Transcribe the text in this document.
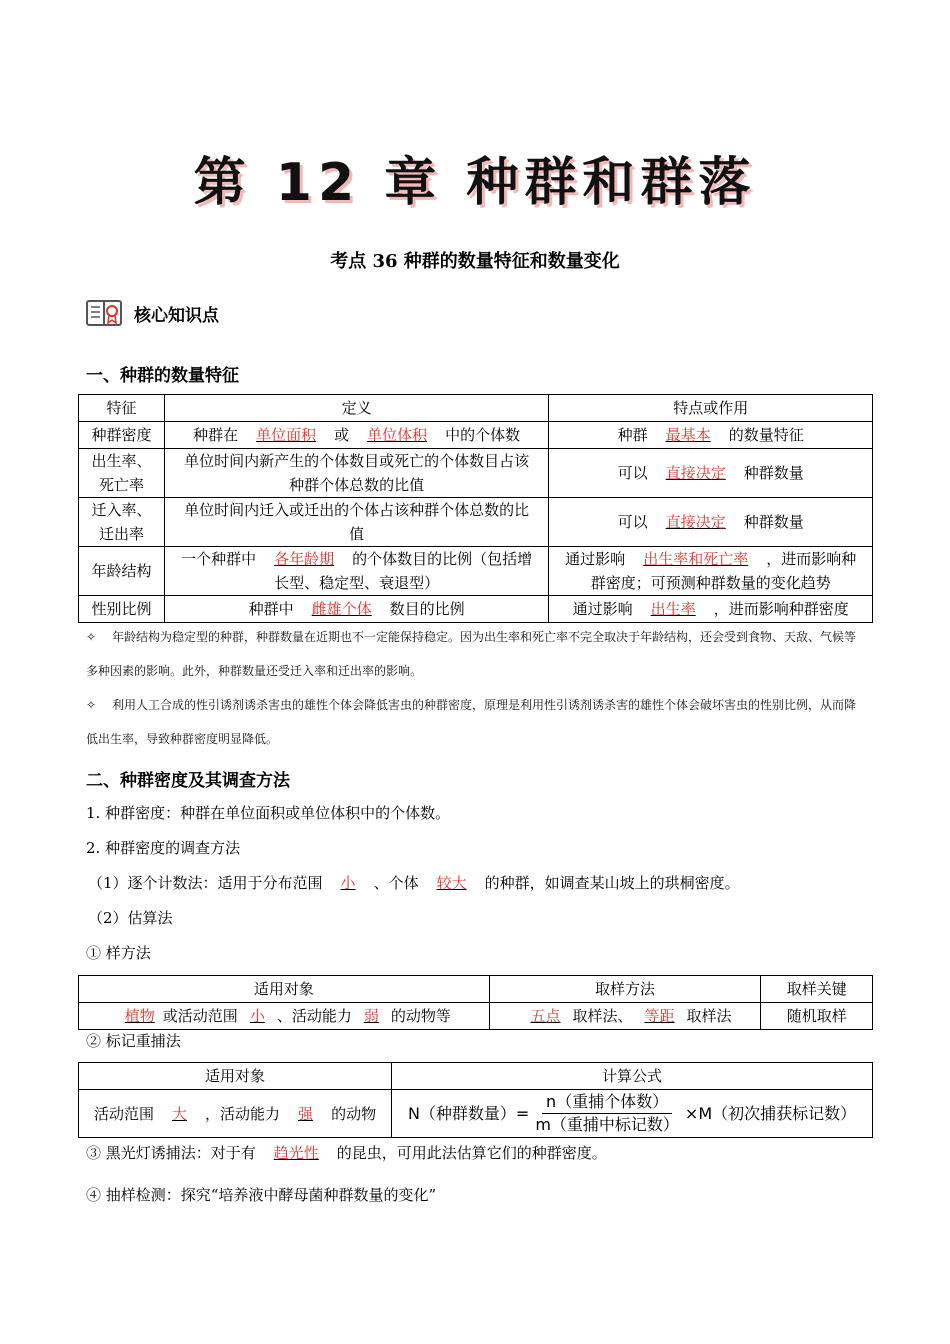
第 12 章 种群和群落
考点 36 种群的数量特征和数量变化
核心知识点
一、种群的数量特征
特征	定义	特点或作用
种群密度	种群在 单位面积 或 单位体积 中的个体数	种群 最基本 的数量特征
出生率、死亡率	单位时间内新产生的个体数目或死亡的个体数目占该种群个体总数的比值	可以 直接决定 种群数量
迁入率、迁出率	单位时间内迁入或迁出的个体占该种群个体总数的比值	可以 直接决定 种群数量
年龄结构	一个种群中 各年龄期 的个体数目的比例（包括增长型、稳定型、衰退型）	通过影响 出生率和死亡率 ，进而影响种群密度；可预测种群数量的变化趋势
性别比例	种群中 雌雄个体 数目的比例	通过影响 出生率 ，进而影响种群密度
✧ 年龄结构为稳定型的种群，种群数量在近期也不一定能保持稳定。因为出生率和死亡率不完全取决于年龄结构，还会受到食物、天敌、气候等多种因素的影响。此外，种群数量还受迁入率和迁出率的影响。
✧ 利用人工合成的性引诱剂诱杀害虫的雄性个体会降低害虫的种群密度，原理是利用性引诱剂诱杀害的雄性个体会破坏害虫的性别比例，从而降低出生率，导致种群密度明显降低。
二、种群密度及其调查方法
1. 种群密度：种群在单位面积或单位体积中的个体数。
2. 种群密度的调查方法
（1）逐个计数法：适用于分布范围 小 、个体 较大 的种群，如调查某山坡上的珙桐密度。
（2）估算法
① 样方法
适用对象	取样方法	取样关键
植物 或活动范围 小 、活动能力 弱 的动物等	五点 取样法、 等距 取样法	随机取样
② 标记重捕法
适用对象	计算公式
活动范围 大 ，活动能力 强 的动物	N（种群数量）= $\frac{\text{n（重捕个体数）}}{\text{m（重捕中标记数）}} \times M$（初次捕获标记数）
③ 黑光灯诱捕法：对于有 趋光性 的昆虫，可用此法估算它们的种群密度。
④ 抽样检测：探究“培养液中酵母菌种群数量的变化”
